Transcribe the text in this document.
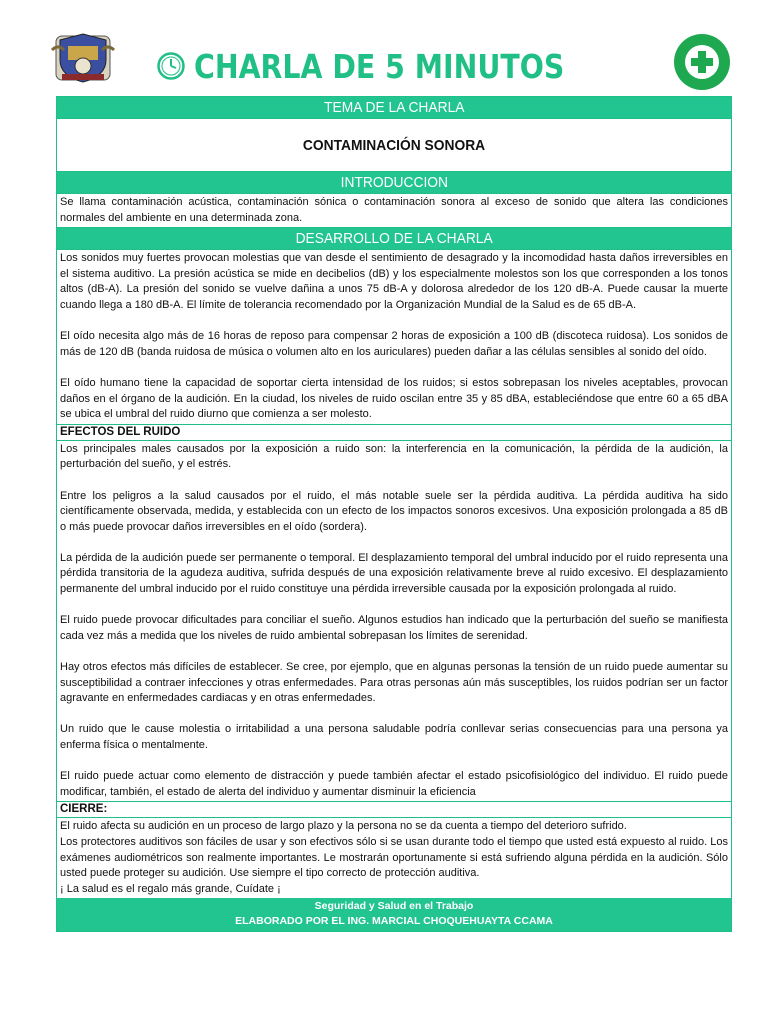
CHARLA DE 5 MINUTOS
TEMA DE LA CHARLA
CONTAMINACIÓN SONORA
INTRODUCCION

Se llama contaminación acústica, contaminación sónica o contaminación sonora al exceso de sonido que altera las condiciones normales del ambiente en una determinada zona.

DESARROLLO DE LA CHARLA

Los sonidos muy fuertes provocan molestias que van desde el sentimiento de desagrado y la incomodidad hasta daños irreversibles en el sistema auditivo. La presión acústica se mide en decibelios (dB) y los especialmente molestos son los que corresponden a los tonos altos (dB-A). La presión del sonido se vuelve dañina a unos 75 dB-A y dolorosa alrededor de los 120 dB-A. Puede causar la muerte cuando llega a 180 dB-A. El límite de tolerancia recomendado por la Organización Mundial de la Salud es de 65 dB-A.

El oído necesita algo más de 16 horas de reposo para compensar 2 horas de exposición a 100 dB (discoteca ruidosa). Los sonidos de más de 120 dB (banda ruidosa de música o volumen alto en los auriculares) pueden dañar a las células sensibles al sonido del oído.

El oído humano tiene la capacidad de soportar cierta intensidad de los ruidos; si estos sobrepasan los niveles aceptables, provocan daños en el órgano de la audición. En la ciudad, los niveles de ruido oscilan entre 35 y 85 dBA, estableciéndose que entre 60 a 65 dBA se ubica el umbral del ruido diurno que comienza a ser molesto.

EFECTOS DEL RUIDO

Los principales males causados por la exposición a ruido son: la interferencia en la comunicación, la pérdida de la audición, la perturbación del sueño, y el estrés.

Entre los peligros a la salud causados por el ruido, el más notable suele ser la pérdida auditiva. La pérdida auditiva ha sido científicamente observada, medida, y establecida con un efecto de los impactos sonoros excesivos. Una exposición prolongada a 85 dB o más puede provocar daños irreversibles en el oído (sordera).

La pérdida de la audición puede ser permanente o temporal. El desplazamiento temporal del umbral inducido por el ruido representa una pérdida transitoria de la agudeza auditiva, sufrida después de una exposición relativamente breve al ruido excesivo. El desplazamiento permanente del umbral inducido por el ruido constituye una pérdida irreversible causada por la exposición prolongada al ruido.

El ruido puede provocar dificultades para conciliar el sueño. Algunos estudios han indicado que la perturbación del sueño se manifiesta cada vez más a medida que los niveles de ruido ambiental sobrepasan los límites de serenidad.

Hay otros efectos más difíciles de establecer. Se cree, por ejemplo, que en algunas personas la tensión de un ruido puede aumentar su susceptibilidad a contraer infecciones y otras enfermedades. Para otras personas aún más susceptibles, los ruidos podrían ser un factor agravante en enfermedades cardiacas y en otras enfermedades.

Un ruido que le cause molestia o irritabilidad a una persona saludable podría conllevar serias consecuencias para una persona ya enferma física o mentalmente.

El ruido puede actuar como elemento de distracción y puede también afectar el estado psicofisiológico del individuo. El ruido puede modificar, también, el estado de alerta del individuo y aumentar disminuir la eficiencia

CIERRE:

El ruido afecta su audición en un proceso de largo plazo y la persona no se da cuenta a tiempo del deterioro sufrido.

Los protectores auditivos son fáciles de usar y son efectivos sólo si se usan durante todo el tiempo que usted está expuesto al ruido. Los exámenes audiométricos son realmente importantes. Le mostrarán oportunamente si está sufriendo alguna pérdida en la audición. Sólo usted puede proteger su audición. Use siempre el tipo correcto de protección auditiva.

¡ La salud es el regalo más grande, Cuídate ¡

Seguridad y Salud en el Trabajo
ELABORADO POR EL ING. MARCIAL CHOQUEHUAYTA CCAMA
